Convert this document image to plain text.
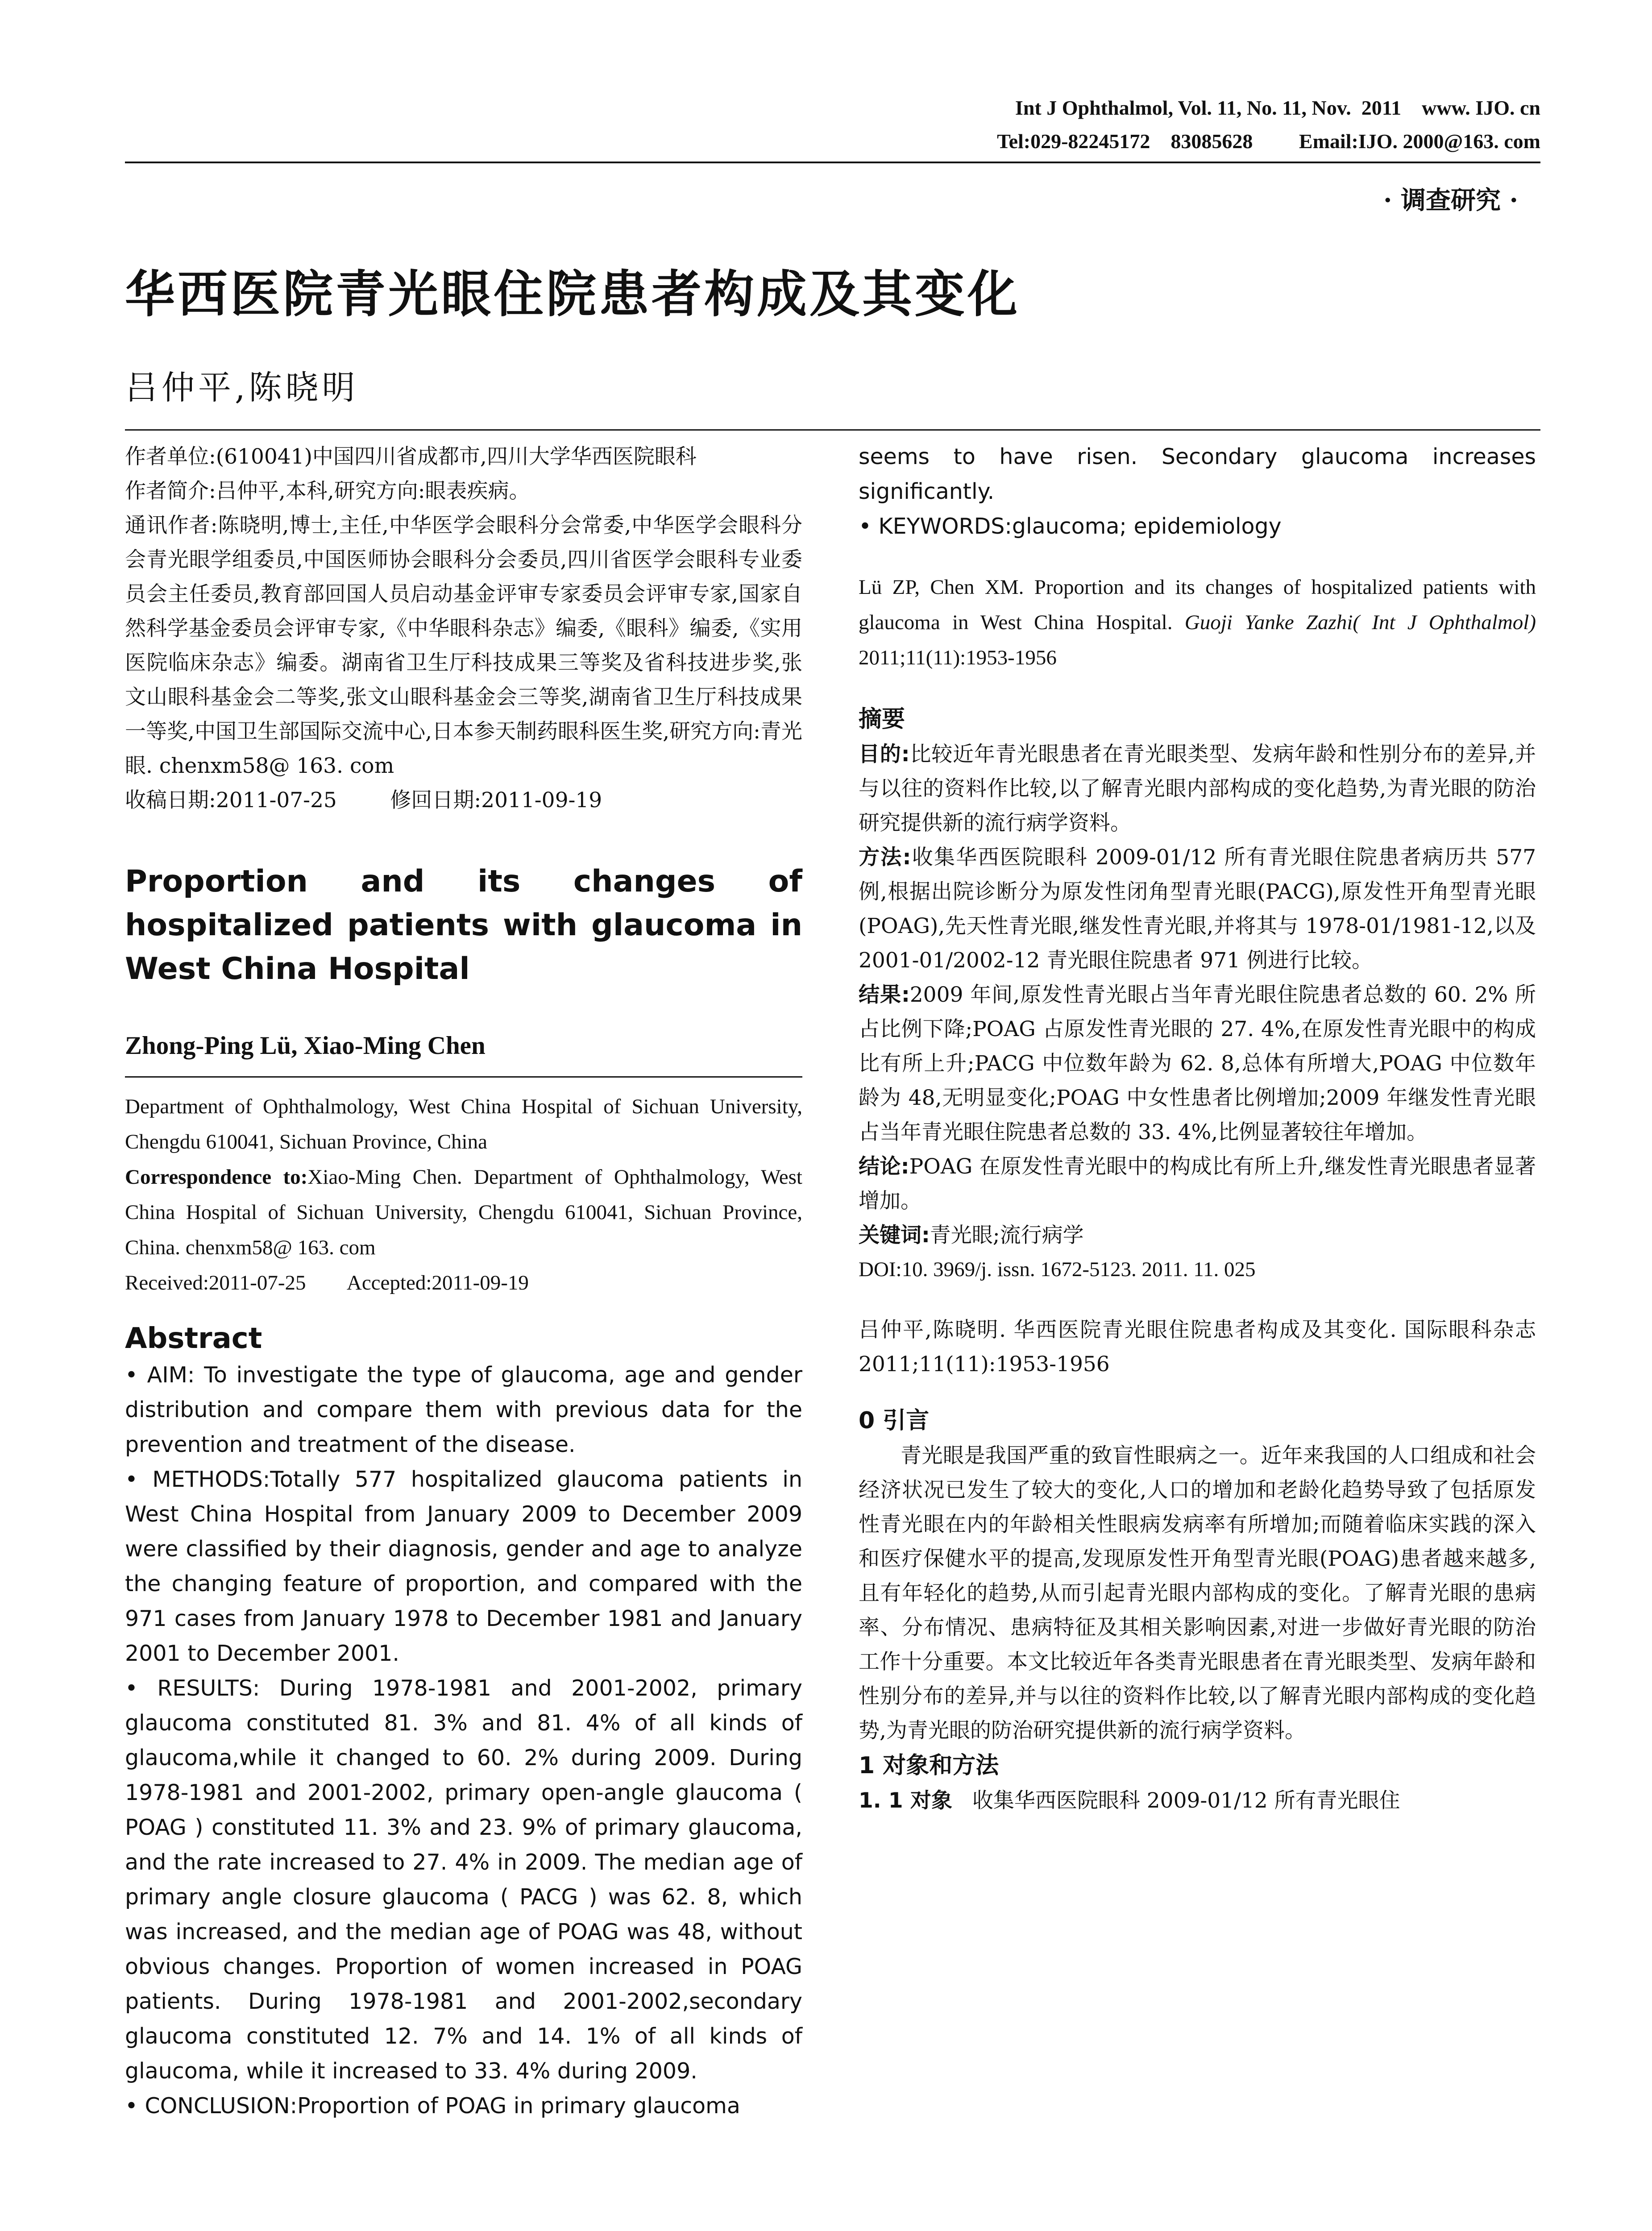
Int J Ophthalmol, Vol. 11, No. 11, Nov.  2011    www. IJO. cn
Tel:029-82245172    83085628         Email:IJO. 2000@163. com
· 调查研究 ·
华西医院青光眼住院患者构成及其变化
吕仲平,陈晓明

作者单位:(610041)中国四川省成都市,四川大学华西医院眼科

作者简介:吕仲平,本科,研究方向:眼表疾病。

通讯作者:陈晓明,博士,主任,中华医学会眼科分会常委,中华医学会眼科分会青光眼学组委员,中国医师协会眼科分会委员,四川省医学会眼科专业委员会主任委员,教育部回国人员启动基金评审专家委员会评审专家,国家自然科学基金委员会评审专家,《中华眼科杂志》编委,《眼科》编委,《实用医院临床杂志》编委。湖南省卫生厅科技成果三等奖及省科技进步奖,张文山眼科基金会二等奖,张文山眼科基金会三等奖,湖南省卫生厅科技成果一等奖,中国卫生部国际交流中心,日本参天制药眼科医生奖,研究方向:青光眼. chenxm58@ 163. com

收稿日期:2011-07-25        修回日期:2011-09-19

Proportion and its changes of hospitalized patients with glaucoma in West China Hospital
Zhong-Ping Lü, Xiao-Ming Chen

Department of Ophthalmology, West China Hospital of Sichuan University, Chengdu 610041, Sichuan Province, China

Correspondence to:Xiao-Ming Chen. Department of Ophthalmology, West China Hospital of Sichuan University, Chengdu 610041, Sichuan Province, China. chenxm58@ 163. com

Received:2011-07-25        Accepted:2011-09-19

Abstract

• AIM: To investigate the type of glaucoma, age and gender distribution and compare them with previous data for the prevention and treatment of the disease.

• METHODS:Totally 577 hospitalized glaucoma patients in West China Hospital from January 2009 to December 2009 were classified by their diagnosis, gender and age to analyze the changing feature of proportion, and compared with the 971 cases from January 1978 to December 1981 and January 2001 to December 2001.

• RESULTS: During 1978-1981 and 2001-2002, primary glaucoma constituted 81. 3% and 81. 4% of all kinds of glaucoma,while it changed to 60. 2% during 2009. During 1978-1981 and 2001-2002, primary open-angle glaucoma ( POAG ) constituted 11. 3% and 23. 9% of primary glaucoma, and the rate increased to 27. 4% in 2009. The median age of primary angle closure glaucoma ( PACG ) was 62. 8, which was increased, and the median age of POAG was 48, without obvious changes. Proportion of women increased in POAG patients. During 1978-1981 and 2001-2002,secondary glaucoma constituted 12. 7% and 14. 1% of all kinds of glaucoma, while it increased to 33. 4% during 2009.

• CONCLUSION:Proportion of POAG in primary glaucoma

seems to have risen. Secondary glaucoma increases significantly.

• KEYWORDS:glaucoma; epidemiology

Lü ZP, Chen XM. Proportion and its changes of hospitalized patients with glaucoma in West China Hospital. Guoji Yanke Zazhi( Int J Ophthalmol) 2011;11(11):1953-1956

摘要

目的:比较近年青光眼患者在青光眼类型、发病年龄和性别分布的差异,并与以往的资料作比较,以了解青光眼内部构成的变化趋势,为青光眼的防治研究提供新的流行病学资料。

方法:收集华西医院眼科 2009-01/12 所有青光眼住院患者病历共 577 例,根据出院诊断分为原发性闭角型青光眼(PACG),原发性开角型青光眼(POAG),先天性青光眼,继发性青光眼,并将其与 1978-01/1981-12,以及 2001-01/2002-12 青光眼住院患者 971 例进行比较。

结果:2009 年间,原发性青光眼占当年青光眼住院患者总数的 60. 2% 所占比例下降;POAG 占原发性青光眼的 27. 4%,在原发性青光眼中的构成比有所上升;PACG 中位数年龄为 62. 8,总体有所增大,POAG 中位数年龄为 48,无明显变化;POAG 中女性患者比例增加;2009 年继发性青光眼占当年青光眼住院患者总数的 33. 4%,比例显著较往年增加。

结论:POAG 在原发性青光眼中的构成比有所上升,继发性青光眼患者显著增加。

关键词:青光眼;流行病学

DOI:10. 3969/j. issn. 1672-5123. 2011. 11. 025

吕仲平,陈晓明. 华西医院青光眼住院患者构成及其变化. 国际眼科杂志 2011;11(11):1953-1956

0 引言

青光眼是我国严重的致盲性眼病之一。近年来我国的人口组成和社会经济状况已发生了较大的变化,人口的增加和老龄化趋势导致了包括原发性青光眼在内的年龄相关性眼病发病率有所增加;而随着临床实践的深入和医疗保健水平的提高,发现原发性开角型青光眼(POAG)患者越来越多,且有年轻化的趋势,从而引起青光眼内部构成的变化。了解青光眼的患病率、分布情况、患病特征及其相关影响因素,对进一步做好青光眼的防治工作十分重要。本文比较近年各类青光眼患者在青光眼类型、发病年龄和性别分布的差异,并与以往的资料作比较,以了解青光眼内部构成的变化趋势,为青光眼的防治研究提供新的流行病学资料。

1 对象和方法

1. 1 对象 收集华西医院眼科 2009-01/12 所有青光眼住
